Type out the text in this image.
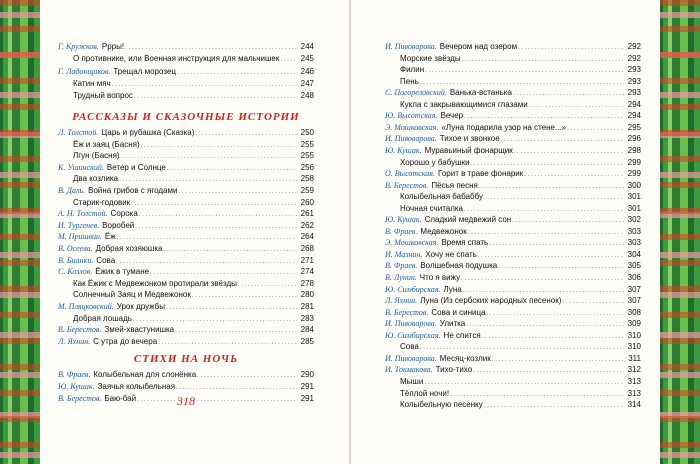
Г. Кружков. Ррры! . . .	244
О противнике, или Военная инструкция для мальчишек . . .	245
Г. Ладонщиков. Трещал морозец . . .	246
Катин мяч . . .	247
Трудный вопрос . . .	248
РАССКАЗЫ И СКАЗОЧНЫЕ ИСТОРИИ
Л. Толстой. Царь и рубашка (Сказка) . . .	250
Ёж и заяц (Басня) . . .	255
Лгун (Басня) . . .	255
К. Ушинский. Ветер и Солнце . . .	256
Два козлика . . .	258
В. Даль. Война грибов с ягодами . . .	259
Старик-годовик . . .	260
А. Н. Толстой. Сорока . . .	261
И. Тургенев. Воробей . . .	262
М. Пришвин. Ёж . . .	264
В. Осеева. Добрая хозяюшка . . .	268
В. Бианки. Сова . . .	271
С. Козлов. Ёжик в тумане . . .	274
Как Ёжик с Медвежонком протирали звёзды . . .	278
Солнечный Заяц и Медвежонок . . .	280
М. Пляцковский. Урок дружбы . . .	281
Добрая лошадь . . .	283
В. Берестов. Змей-хвастунишка . . .	284
Л. Яхнин. С утра до вечера . . .	285
СТИХИ НА НОЧЬ
В. Фраев. Колыбельная для слонёнка . . .	290
Ю. Кушак. Заячья колыбельная . . .	291
В. Берестов. Баю-бай . . .	291
318
И. Пивоварова. Вечером над озером . . .	292
Морские звёзды . . .	292
Филин . . .	293
Пень . . .	293
С. Погореловский. Ванька-встанька . . .	293
Кукла с закрывающимися глазами . . .	294
Ю. Высотская. Вечер . . .	294
Э. Мошковская. «Луна подарила узор на стене...» . . .	295
И. Пивоварова. Тихое и звонкое . . .	296
Ю. Кушак. Муравьиный фонарщик . . .	298
Хорошо у бабушки . . .	299
О. Высотская. Горит в траве фонарик . . .	299
В. Берестов. Пёсья песня . . .	300
Колыбельная бабаббу . . .	301
Ночная считалка . . .	301
Ю. Кушак. Сладкий медвежий сон . . .	302
В. Фраев. Медвежонок . . .	303
Э. Мошковская. Время спать . . .	303
И. Мазнин. Хочу не спать . . .	304
В. Фраев. Волшебная подушка . . .	305
В. Лунин. Что я вижу . . .	306
Ю. Симбирская. Луна . . .	307
Л. Яхнин. Луна (Из сербских народных песенок) . . .	307
В. Берестов. Сова и синица . . .	308
И. Пивоварова. Улитка . . .	309
Ю. Симбирская. Не спится . . .	310
Сова . . .	310
И. Пивоварова. Месяц-козлик . . .	311
И. Токмакова. Тихо-тихо . . .	312
Мыши . . .	313
Тёплой ночи! . . .	313
Колыбельную песенку . . .	314
